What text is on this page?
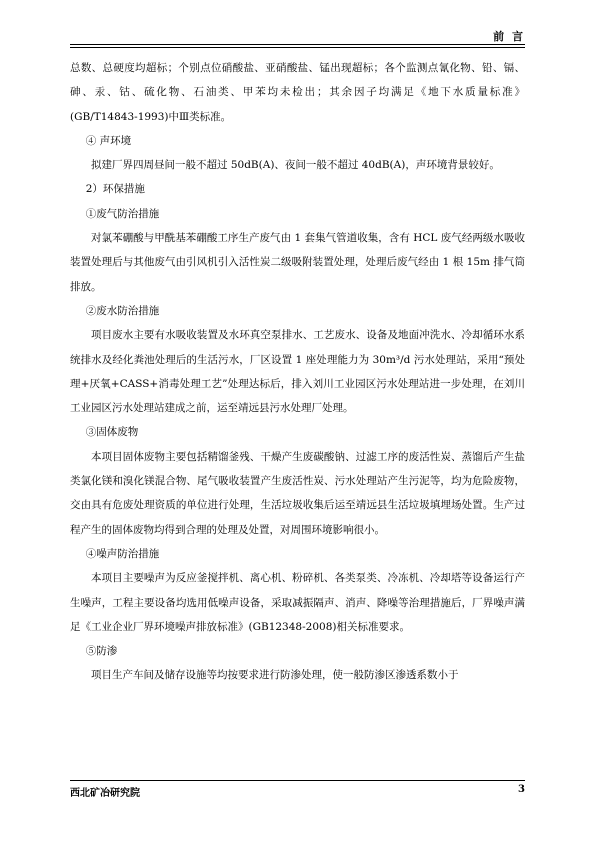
前 言

总数、总硬度均超标；个别点位硝酸盐、亚硝酸盐、锰出现超标；各个监测点氰化物、铅、镉、砷、汞、钴、硫化物、石油类、甲苯均未检出；其余因子均满足《地下水质量标准》(GB/T14843-1993)中Ⅲ类标准。

④ 声环境

拟建厂界四周昼间一般不超过 50dB(A)、夜间一般不超过 40dB(A)，声环境背景较好。

2）环保措施

①废气防治措施

对氯苯硼酸与甲酰基苯硼酸工序生产废气由 1 套集气管道收集，含有 HCL 废气经两级水吸收装置处理后与其他废气由引风机引入活性炭二级吸附装置处理，处理后废气经由 1 根 15m 排气筒排放。

②废水防治措施

项目废水主要有水吸收装置及水环真空泵排水、工艺废水、设备及地面冲洗水、冷却循环水系统排水及经化粪池处理后的生活污水，厂区设置 1 座处理能力为 30m³/d 污水处理站，采用“预处理+厌氧+CASS+消毒处理工艺”处理达标后，排入刘川工业园区污水处理站进一步处理，在刘川工业园区污水处理站建成之前，运至靖远县污水处理厂处理。

③固体废物

本项目固体废物主要包括精馏釜残、干燥产生废碳酸钠、过滤工序的废活性炭、蒸馏后产生盐类氯化镁和溴化镁混合物、尾气吸收装置产生废活性炭、污水处理站产生污泥等，均为危险废物，交由具有危废处理资质的单位进行处理，生活垃圾收集后运至靖远县生活垃圾填埋场处置。生产过程产生的固体废物均得到合理的处理及处置，对周围环境影响很小。

④噪声防治措施

本项目主要噪声为反应釜搅拌机、离心机、粉碎机、各类泵类、冷冻机、冷却塔等设备运行产生噪声，工程主要设备均选用低噪声设备，采取减振隔声、消声、降噪等治理措施后，厂界噪声满足《工业企业厂界环境噪声排放标准》(GB12348-2008)相关标准要求。

⑤防渗

项目生产车间及储存设施等均按要求进行防渗处理，使一般防渗区渗透系数小于

西北矿冶研究院	3
